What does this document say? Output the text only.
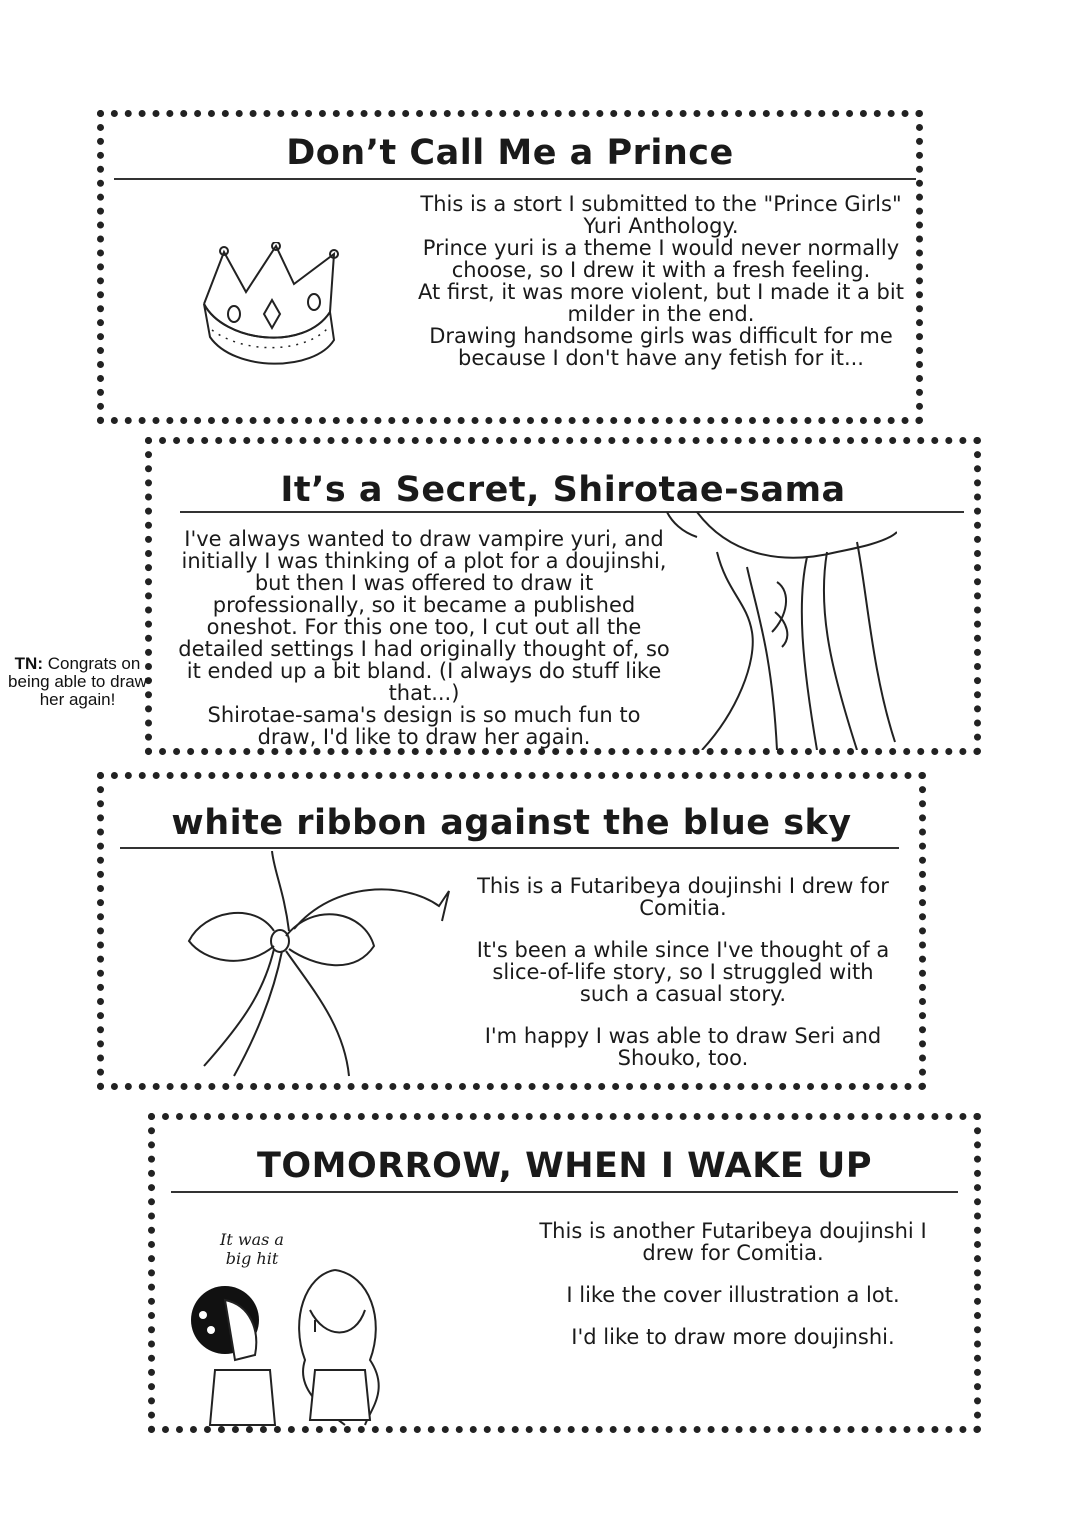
Don’t Call Me a Prince

This is a stort I submitted to the "Prince Girls" Yuri Anthology.

Prince yuri is a theme I would never normally choose, so I drew it with a fresh feeling.

At first, it was more violent, but I made it a bit milder in the end.

Drawing handsome girls was difficult for me because I don't have any fetish for it...

It’s a Secret, Shirotae-sama

I've always wanted to draw vampire yuri, and initially I was thinking of a plot for a doujinshi, but then I was offered to draw it professionally, so it became a published oneshot. For this one too, I cut out all the detailed settings I had originally thought of, so it ended up a bit bland. (I always do stuff like that...)

Shirotae-sama's design is so much fun to draw, I'd like to draw her again.

TN: Congrats on being able to draw her again!

white ribbon against the blue sky

This is a Futaribeya doujinshi I drew for Comitia.

It's been a while since I've thought of a slice-of-life story, so I struggled with such a casual story.

I'm happy I was able to draw Seri and Shouko, too.

TOMORROW, WHEN I WAKE UP
It was a big hit

This is another Futaribeya doujinshi I drew for Comitia.

I like the cover illustration a lot.

I'd like to draw more doujinshi.
